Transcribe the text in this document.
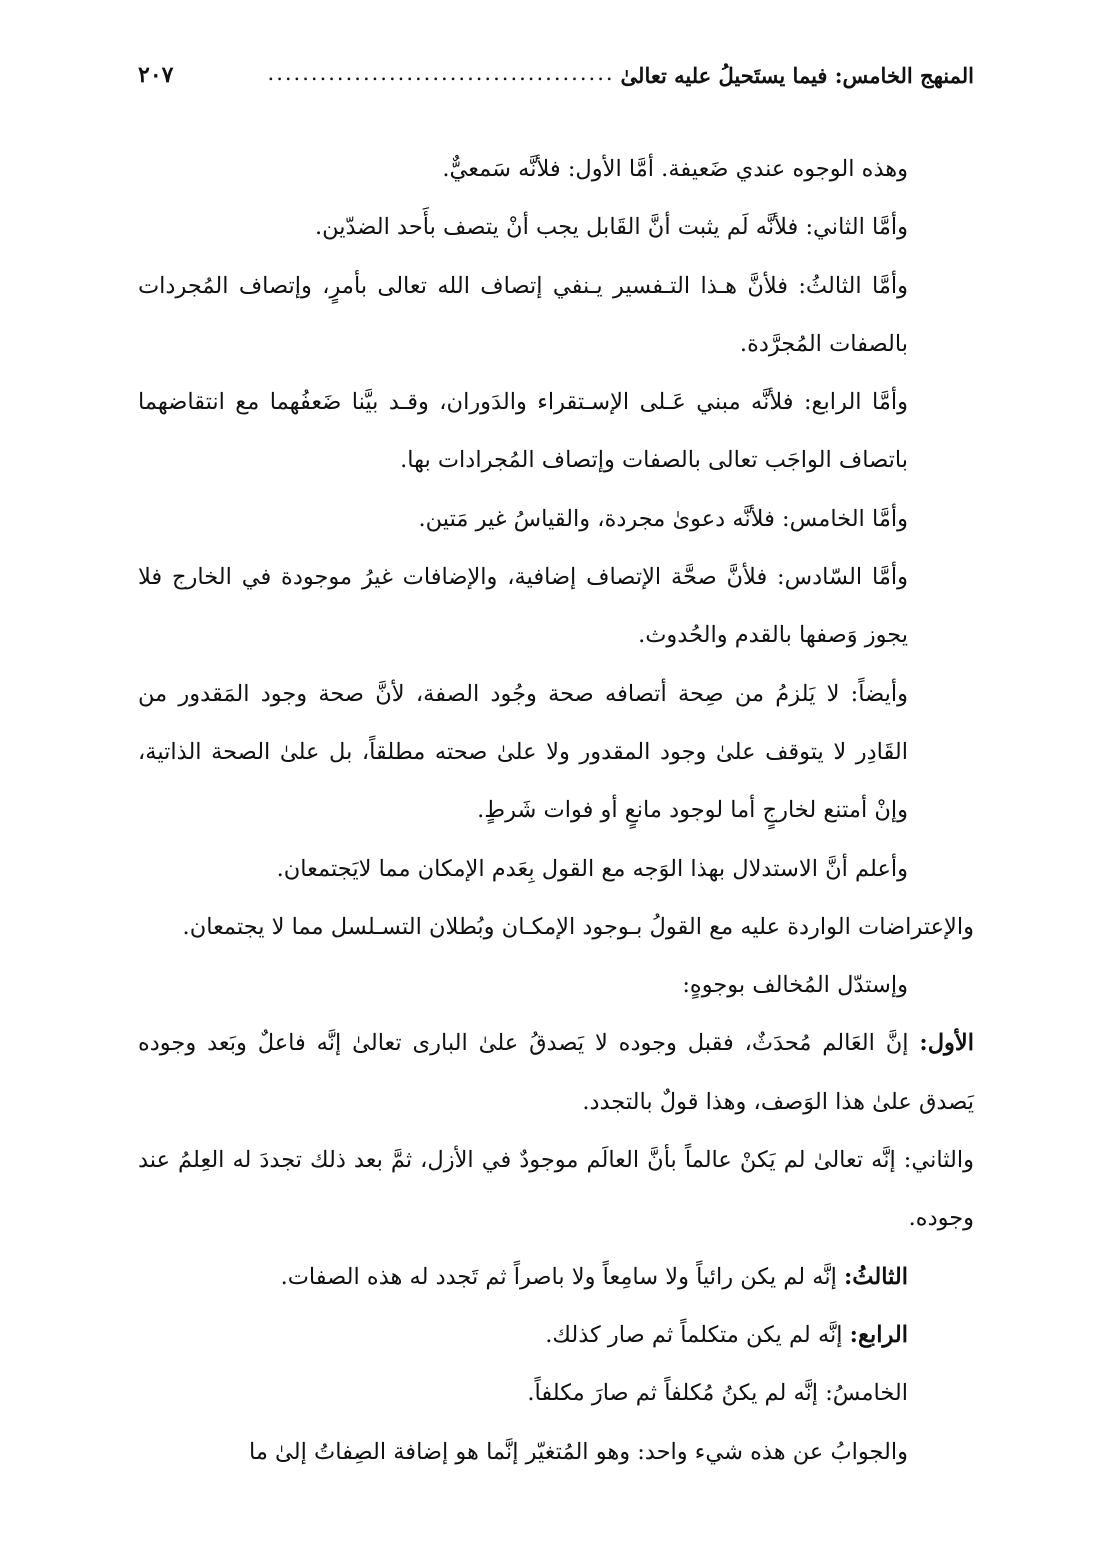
المنهج الخامس: فيما يستَحيلُ عليه تعالىٰ
........................................
٢٠٧

وهذه الوجوه عندي ضَعيفة. أمَّا الأول: فلأنَّه سَمعيٌّ.

وأمَّا الثاني: فلأنَّه لَم يثبت أنَّ القَابل يجب أنْ يتصف بأَحد الضدّين.

وأمَّا الثالثُ: فلأنَّ هـذا التـفسير يـنفي إتصاف الله تعالى بأمرٍ، وإتصاف المُجردات بالصفات المُجرَّدة.

وأمَّا الرابع: فلأنَّه مبني عَـلى الإسـتقراء والدَوران، وقـد بيَّنا ضَعفُهما مع انتقاضهما باتصاف الواجَب تعالى بالصفات وإتصاف المُجرادات بها.

وأمَّا الخامس: فلأنَّه دعوىٰ مجردة، والقياسُ غير مَتين.

وأمَّا السّادس: فلأنَّ صحَّة الإتصاف إضافية، والإضافات غيرُ موجودة في الخارج فلا يجوز وَصفها بالقدم والحُدوث.

وأيضاً: لا يَلزمُ من صِحة أتصافه صحة وجُود الصفة، لأنَّ صحة وجود المَقدور من القَادِر لا يتوقف علىٰ وجود المقدور ولا علىٰ صحته مطلقاً، بل علىٰ الصحة الذاتية، وإنْ أمتنع لخارجٍ أما لوجود مانعٍ أو فوات شَرطٍ.

وأعلم أنَّ الاستدلال بهذا الوَجه مع القول بِعَدم الإمكان مما لايَجتمعان.

والإعتراضات الواردة عليه مع القولُ بـوجود الإمكـان وبُطلان التسـلسل مما لا يجتمعان.

وإستدّل المُخالف بوجوهٍ:

الأول: إنَّ العَالم مُحدَثٌ، فقبل وجوده لا يَصدقُ علىٰ البارى تعالىٰ إنَّه فاعلٌ وبَعد وجوده يَصدق علىٰ هذا الوَصف، وهذا قولٌ بالتجدد.

والثاني: إنَّه تعالىٰ لم يَكنْ عالماً بأنَّ العالَم موجودٌ في الأزل، ثمَّ بعد ذلك تجددَ له العِلمُ عند وجوده.

الثالثُ: إنَّه لم يكن رائياً ولا سامِعاً ولا باصراً ثم تَجدد له هذه الصفات.

الرابع: إنَّه لم يكن متكلماً ثم صار كذلك.

الخامسُ: إنَّه لم يكنُ مُكلفاً ثم صارَ مكلفاً.

والجوابُ عن هذه شيء واحد: وهو المُتغيّر إنَّما هو إضافة الصِفاتُ إلىٰ ما
